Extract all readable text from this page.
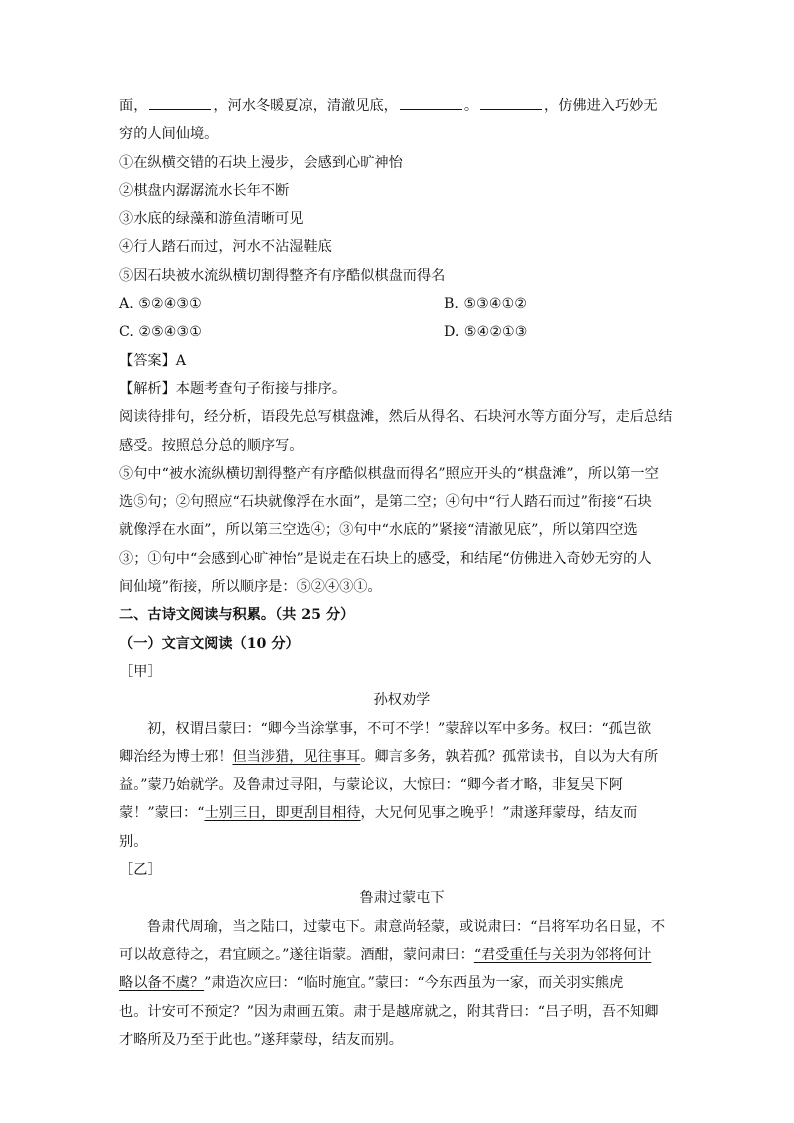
面，	，河水冬暖夏凉，清澈见底，	。	，仿佛进入巧妙无
穷的人间仙境。
①在纵横交错的石块上漫步，会感到心旷神怡
②棋盘内潺潺流水长年不断
③水底的绿藻和游鱼清晰可见
④行人踏石而过，河水不沾湿鞋底
⑤因石块被水流纵横切割得整齐有序酷似棋盘而得名
A. ⑤②④③①	B. ⑤③④①②
C. ②⑤④③①	D. ⑤④②①③
【答案】A
【解析】本题考查句子衔接与排序。
阅读待排句，经分析，语段先总写棋盘滩，然后从得名、石块河水等方面分写，走后总结
感受。按照总分总的顺序写。
⑤句中“被水流纵横切割得整产有序酷似棋盘而得名”照应开头的“棋盘滩”，所以第一空
选⑤句；②句照应“石块就像浮在水面”，是第二空；④句中“行人踏石而过”衔接“石块
就像浮在水面”，所以第三空选④；③句中“水底的”紧接“清澈见底”，所以第四空选
③；①句中“会感到心旷神怡”是说走在石块上的感受，和结尾“仿佛进入奇妙无穷的人
间仙境”衔接，所以顺序是：⑤②④③①。
二、古诗文阅读与积累。（共 25 分）
（一）文言文阅读（10 分）
［甲］
孙权劝学
初，权谓吕蒙曰：“卿今当涂掌事，不可不学！”蒙辞以军中多务。权曰：“孤岂欲
卿治经为博士邪！但当涉猎，见往事耳。卿言多务，孰若孤？孤常读书，自以为大有所
益。”蒙乃始就学。及鲁肃过寻阳，与蒙论议，大惊曰：“卿今者才略，非复吴下阿
蒙！”蒙曰：“士别三日，即更刮目相待，大兄何见事之晚乎！”肃遂拜蒙母，结友而
别。
［乙］
鲁肃过蒙屯下
鲁肃代周瑜，当之陆口，过蒙屯下。肃意尚轻蒙，或说肃曰：“吕将军功名日显，不
可以故意待之，君宜顾之。”遂往诣蒙。酒酣，蒙问肃曰：“君受重任与关羽为邻将何计
略以备不虞？”肃造次应曰：“临时施宜。”蒙曰：“今东西虽为一家，而关羽实熊虎
也。计安可不预定？”因为肃画五策。肃于是越席就之，附其背曰：“吕子明，吾不知卿
才略所及乃至于此也。”遂拜蒙母，结友而别。
